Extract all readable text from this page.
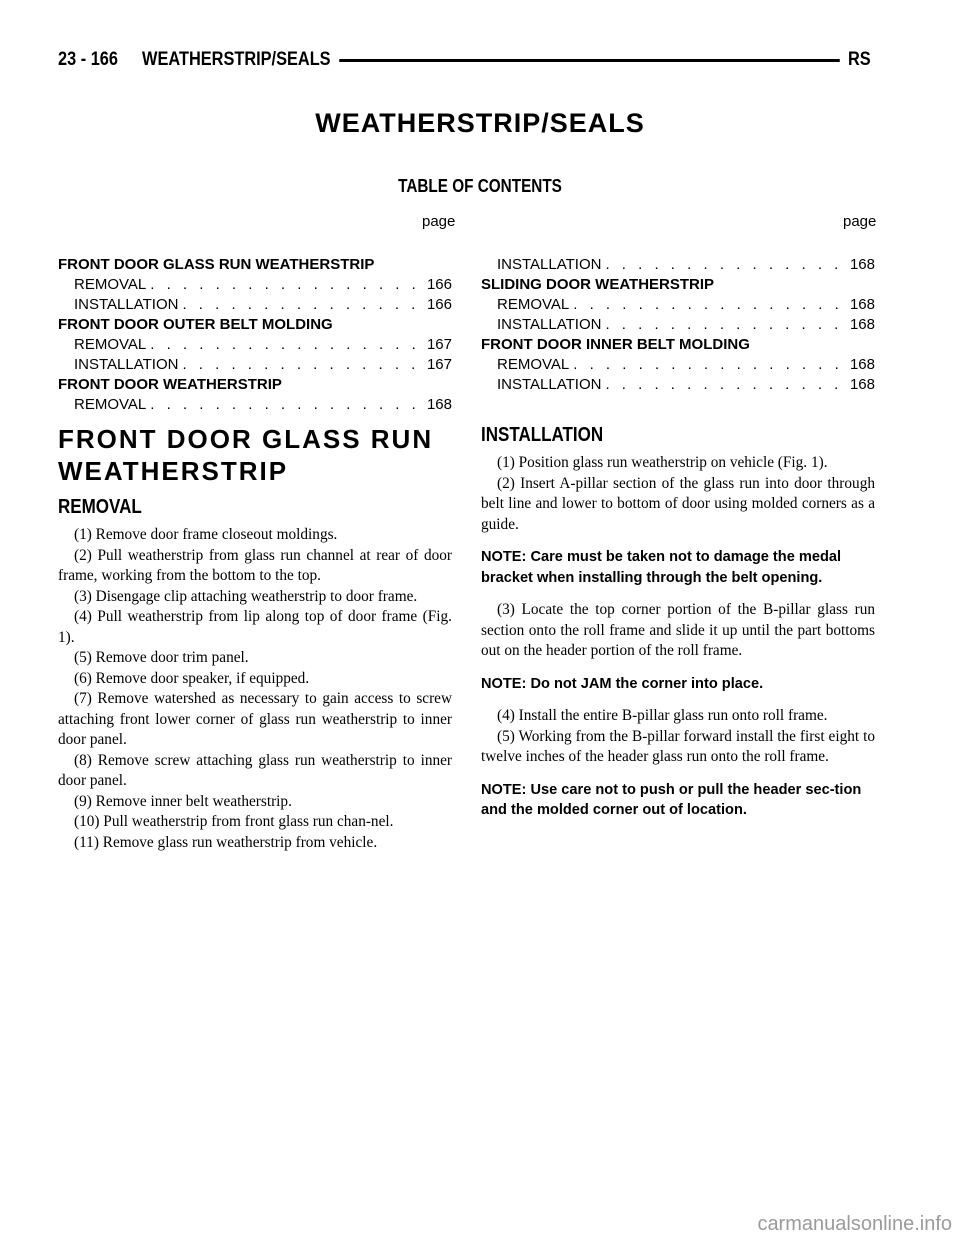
23 - 166 WEATHERSTRIP/SEALS	RS
WEATHERSTRIP/SEALS
TABLE OF CONTENTS
page	page
FRONT DOOR GLASS RUN WEATHERSTRIP
REMOVAL . . .	166
INSTALLATION . . .	166
FRONT DOOR OUTER BELT MOLDING
REMOVAL . . .	167
INSTALLATION . . .	167
FRONT DOOR WEATHERSTRIP
REMOVAL . . .	168
INSTALLATION . . .	168
SLIDING DOOR WEATHERSTRIP
REMOVAL . . .	168
INSTALLATION . . .	168
FRONT DOOR INNER BELT MOLDING
REMOVAL . . .	168
INSTALLATION . . .	168
FRONT DOOR GLASS RUN
WEATHERSTRIP
REMOVAL

(1) Remove door frame closeout moldings.

(2) Pull weatherstrip from glass run channel at rear of door frame, working from the bottom to the top.

(3) Disengage clip attaching weatherstrip to door frame.

(4) Pull weatherstrip from lip along top of door frame (Fig. 1).

(5) Remove door trim panel.

(6) Remove door speaker, if equipped.

(7) Remove watershed as necessary to gain access to screw attaching front lower corner of glass run weatherstrip to inner door panel.

(8) Remove screw attaching glass run weatherstrip to inner door panel.

(9) Remove inner belt weatherstrip.

(10) Pull weatherstrip from front glass run chan-nel.

(11) Remove glass run weatherstrip from vehicle.

INSTALLATION

(1) Position glass run weatherstrip on vehicle (Fig. 1).

(2) Insert A-pillar section of the glass run into door through belt line and lower to bottom of door using molded corners as a guide.

NOTE: Care must be taken not to damage the medal bracket when installing through the belt opening.

(3) Locate the top corner portion of the B-pillar glass run section onto the roll frame and slide it up until the part bottoms out on the header portion of the roll frame.

NOTE: Do not JAM the corner into place.

(4) Install the entire B-pillar glass run onto roll frame.

(5) Working from the B-pillar forward install the first eight to twelve inches of the header glass run onto the roll frame.

NOTE: Use care not to push or pull the header sec-tion and the molded corner out of location.

carmanualsonline.info
